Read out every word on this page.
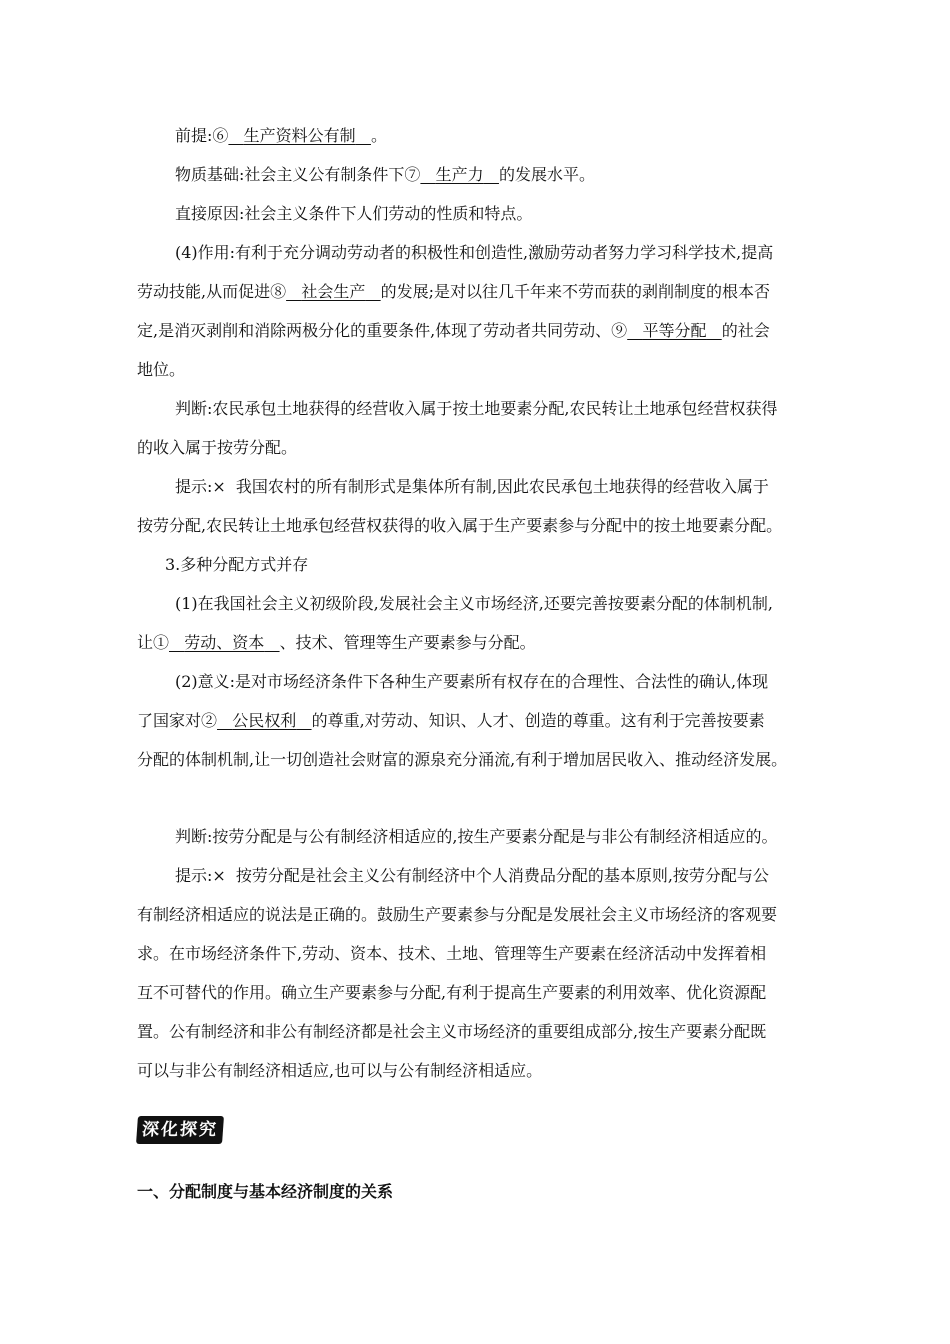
前提:⑥ 生产资料公有制 。
物质基础:社会主义公有制条件下⑦ 生产力 的发展水平。
直接原因:社会主义条件下人们劳动的性质和特点。
(4)作用:有利于充分调动劳动者的积极性和创造性,激励劳动者努力学习科学技术,提高
劳动技能,从而促进⑧ 社会生产 的发展;是对以往几千年来不劳而获的剥削制度的根本否
定,是消灭剥削和消除两极分化的重要条件,体现了劳动者共同劳动、⑨ 平等分配 的社会
地位。
判断:农民承包土地获得的经营收入属于按土地要素分配,农民转让土地承包经营权获得
的收入属于按劳分配。
提示:× 我国农村的所有制形式是集体所有制,因此农民承包土地获得的经营收入属于
按劳分配,农民转让土地承包经营权获得的收入属于生产要素参与分配中的按土地要素分配。
3.多种分配方式并存
(1)在我国社会主义初级阶段,发展社会主义市场经济,还要完善按要素分配的体制机制,
让① 劳动、资本 、技术、管理等生产要素参与分配。
(2)意义:是对市场经济条件下各种生产要素所有权存在的合理性、合法性的确认,体现
了国家对② 公民权利 的尊重,对劳动、知识、人才、创造的尊重。这有利于完善按要素
分配的体制机制,让一切创造社会财富的源泉充分涌流,有利于增加居民收入、推动经济发展。
判断:按劳分配是与公有制经济相适应的,按生产要素分配是与非公有制经济相适应的。
提示:× 按劳分配是社会主义公有制经济中个人消费品分配的基本原则,按劳分配与公
有制经济相适应的说法是正确的。鼓励生产要素参与分配是发展社会主义市场经济的客观要
求。在市场经济条件下,劳动、资本、技术、土地、管理等生产要素在经济活动中发挥着相
互不可替代的作用。确立生产要素参与分配,有利于提高生产要素的利用效率、优化资源配
置。公有制经济和非公有制经济都是社会主义市场经济的重要组成部分,按生产要素分配既
可以与非公有制经济相适应,也可以与公有制经济相适应。
深化探究
一、分配制度与基本经济制度的关系
